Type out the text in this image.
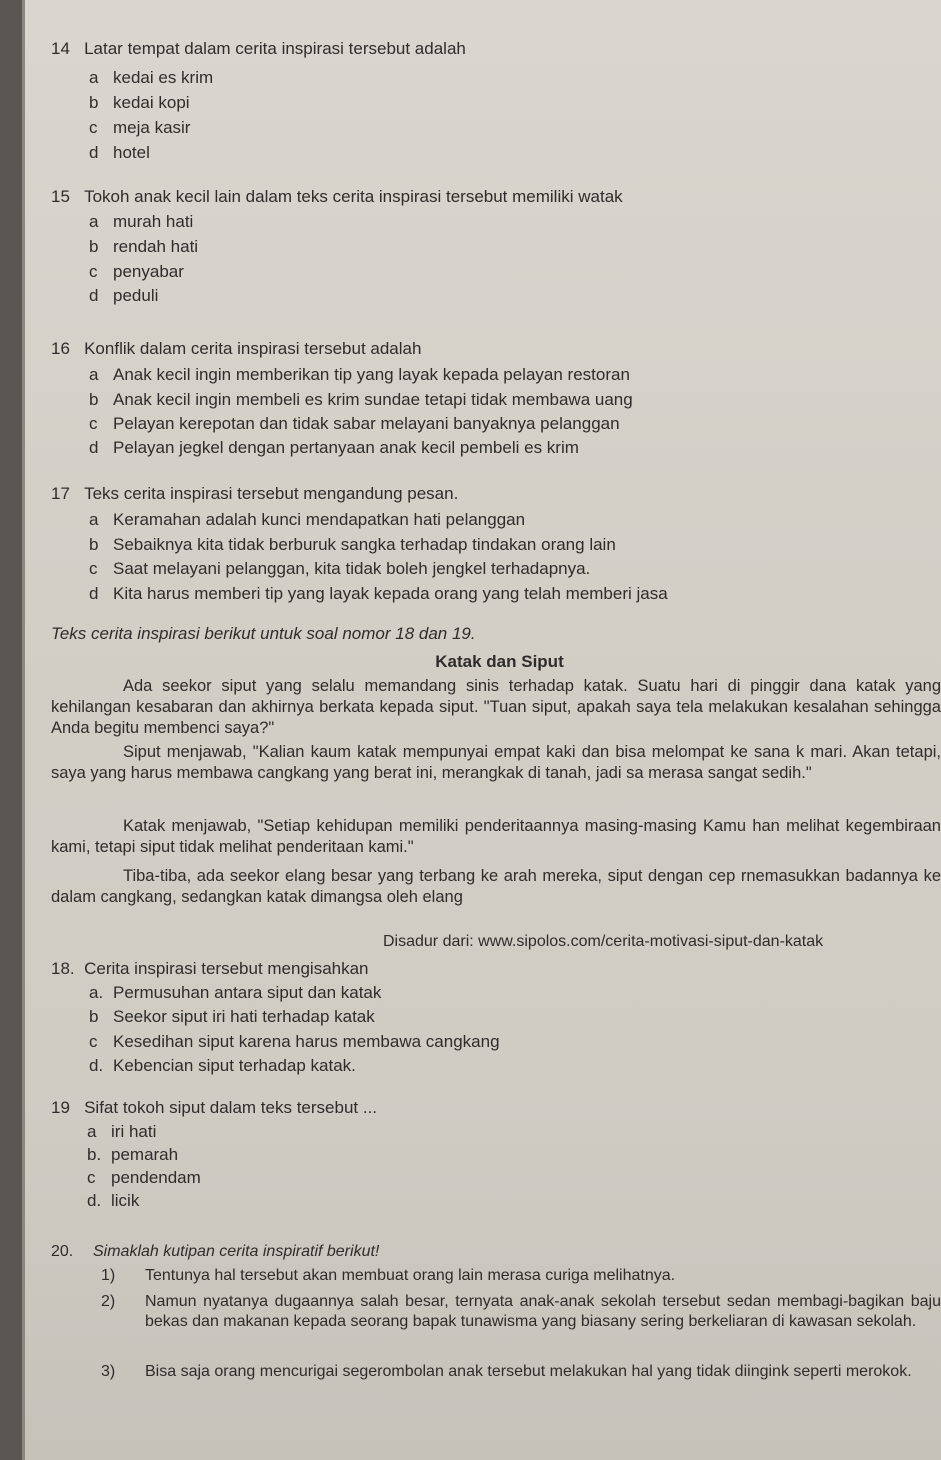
14 Latar tempat dalam cerita inspirasi tersebut adalah
a kedai es krim
b kedai kopi
c meja kasir
d hotel
15 Tokoh anak kecil lain dalam teks cerita inspirasi tersebut memiliki watak
a murah hati
b rendah hati
c penyabar
d peduli
16 Konflik dalam cerita inspirasi tersebut adalah
a Anak kecil ingin memberikan tip yang layak kepada pelayan restoran
b Anak kecil ingin membeli es krim sundae tetapi tidak membawa uang
c Pelayan kerepotan dan tidak sabar melayani banyaknya pelanggan
d Pelayan jegkel dengan pertanyaan anak kecil pembeli es krim
17 Teks cerita inspirasi tersebut mengandung pesan.
a Keramahan adalah kunci mendapatkan hati pelanggan
b Sebaiknya kita tidak berburuk sangka terhadap tindakan orang lain
c Saat melayani pelanggan, kita tidak boleh jengkel terhadapnya.
d Kita harus memberi tip yang layak kepada orang yang telah memberi jasa
Teks cerita inspirasi berikut untuk soal nomor 18 dan 19.
Katak dan Siput
Ada seekor siput yang selalu memandang sinis terhadap katak. Suatu hari di pinggir dana katak yang kehilangan kesabaran dan akhirnya berkata kepada siput. "Tuan siput, apakah saya tela melakukan kesalahan sehingga Anda begitu membenci saya?"
Siput menjawab, "Kalian kaum katak mempunyai empat kaki dan bisa melompat ke sana k mari. Akan tetapi, saya yang harus membawa cangkang yang berat ini, merangkak di tanah, jadi sa merasa sangat sedih."
Katak menjawab, "Setiap kehidupan memiliki penderitaannya masing-masing Kamu han melihat kegembiraan kami, tetapi siput tidak melihat penderitaan kami."
Tiba-tiba, ada seekor elang besar yang terbang ke arah mereka, siput dengan cep rnemasukkan badannya ke dalam cangkang, sedangkan katak dimangsa oleh elang
Disadur dari: www.sipolos.com/cerita-motivasi-siput-dan-katak
18. Cerita inspirasi tersebut mengisahkan
a. Permusuhan antara siput dan katak
b Seekor siput iri hati terhadap katak
c Kesedihan siput karena harus membawa cangkang
d. Kebencian siput terhadap katak.
19 Sifat tokoh siput dalam teks tersebut ...
a iri hati
b. pemarah
c pendendam
d. licik
20. Simaklah kutipan cerita inspiratif berikut!
1) Tentunya hal tersebut akan membuat orang lain merasa curiga melihatnya.
2) Namun nyatanya dugaannya salah besar, ternyata anak-anak sekolah tersebut sedan membagi-bagikan baju bekas dan makanan kepada seorang bapak tunawisma yang biasany sering berkeliaran di kawasan sekolah.
3) Bisa saja orang mencurigai segerombolan anak tersebut melakukan hal yang tidak diingink seperti merokok.
